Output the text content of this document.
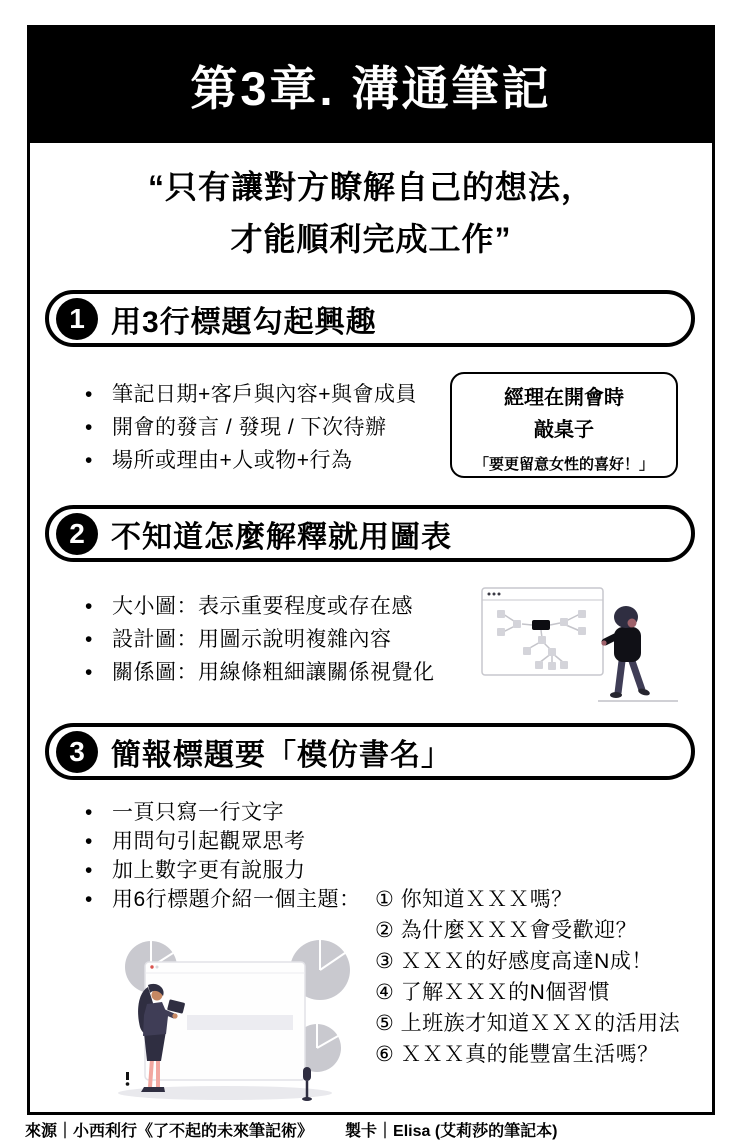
第3章. 溝通筆記
“只有讓對方瞭解自己的想法，
才能順利完成工作”
1 用3行標題勾起興趣
• 筆記日期+客戶與內容+與會成員
• 開會的發言 / 發現 / 下次待辦
• 場所或理由+人或物+行為
經理在開會時
敲桌子
「要更留意女性的喜好！」
2 不知道怎麼解釋就用圖表
• 大小圖：表示重要程度或存在感
• 設計圖：用圖示說明複雜內容
• 關係圖：用線條粗細讓關係視覺化
3 簡報標題要「模仿書名」
• 一頁只寫一行文字
• 用問句引起觀眾思考
• 加上數字更有說服力
• 用6行標題介紹一個主題： ① 你知道ＸＸＸ嗎？
② 為什麼ＸＸＸ會受歡迎？
③ ＸＸＸ的好感度高達N成！
④ 了解ＸＸＸ的N個習慣
⑤ 上班族才知道ＸＸＸ的活用法
⑥ ＸＸＸ真的能豐富生活嗎？
來源｜小西利行《了不起的未來筆記術》 製卡｜Elisa (艾莉莎的筆記本)
